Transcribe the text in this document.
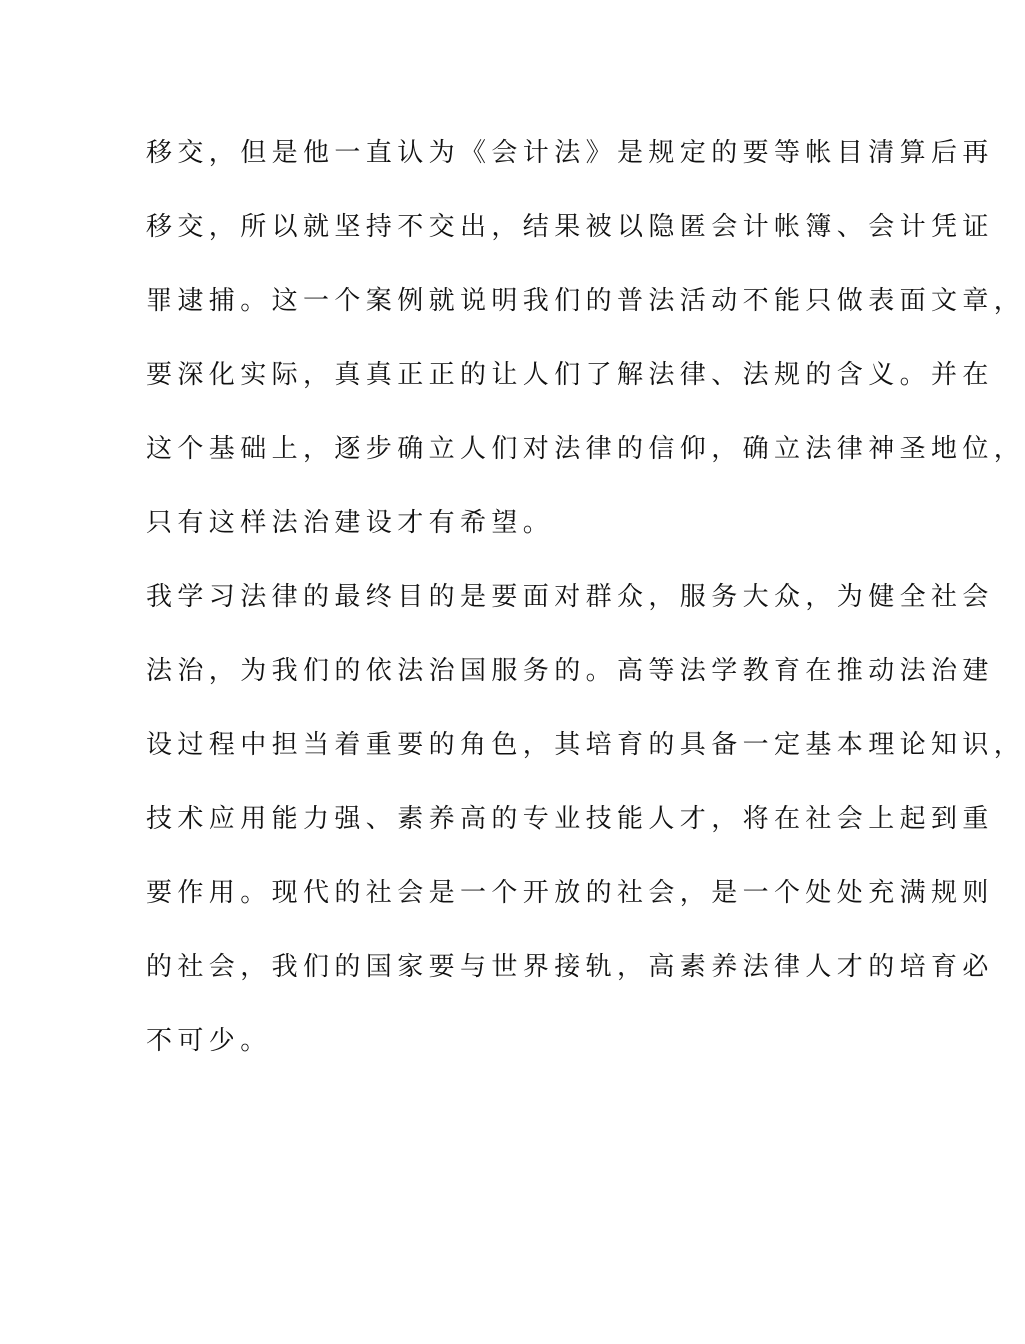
移交，但是他一直认为《会计法》是规定的要等帐目清算后再
移交，所以就坚持不交出，结果被以隐匿会计帐簿、会计凭证
罪逮捕。这一个案例就说明我们的普法活动不能只做表面文章，
要深化实际，真真正正的让人们了解法律、法规的含义。并在
这个基础上，逐步确立人们对法律的信仰，确立法律神圣地位，
只有这样法治建设才有希望。
我学习法律的最终目的是要面对群众，服务大众，为健全社会
法治，为我们的依法治国服务的。高等法学教育在推动法治建
设过程中担当着重要的角色，其培育的具备一定基本理论知识，
技术应用能力强、素养高的专业技能人才，将在社会上起到重
要作用。现代的社会是一个开放的社会，是一个处处充满规则
的社会，我们的国家要与世界接轨，高素养法律人才的培育必
不可少。
